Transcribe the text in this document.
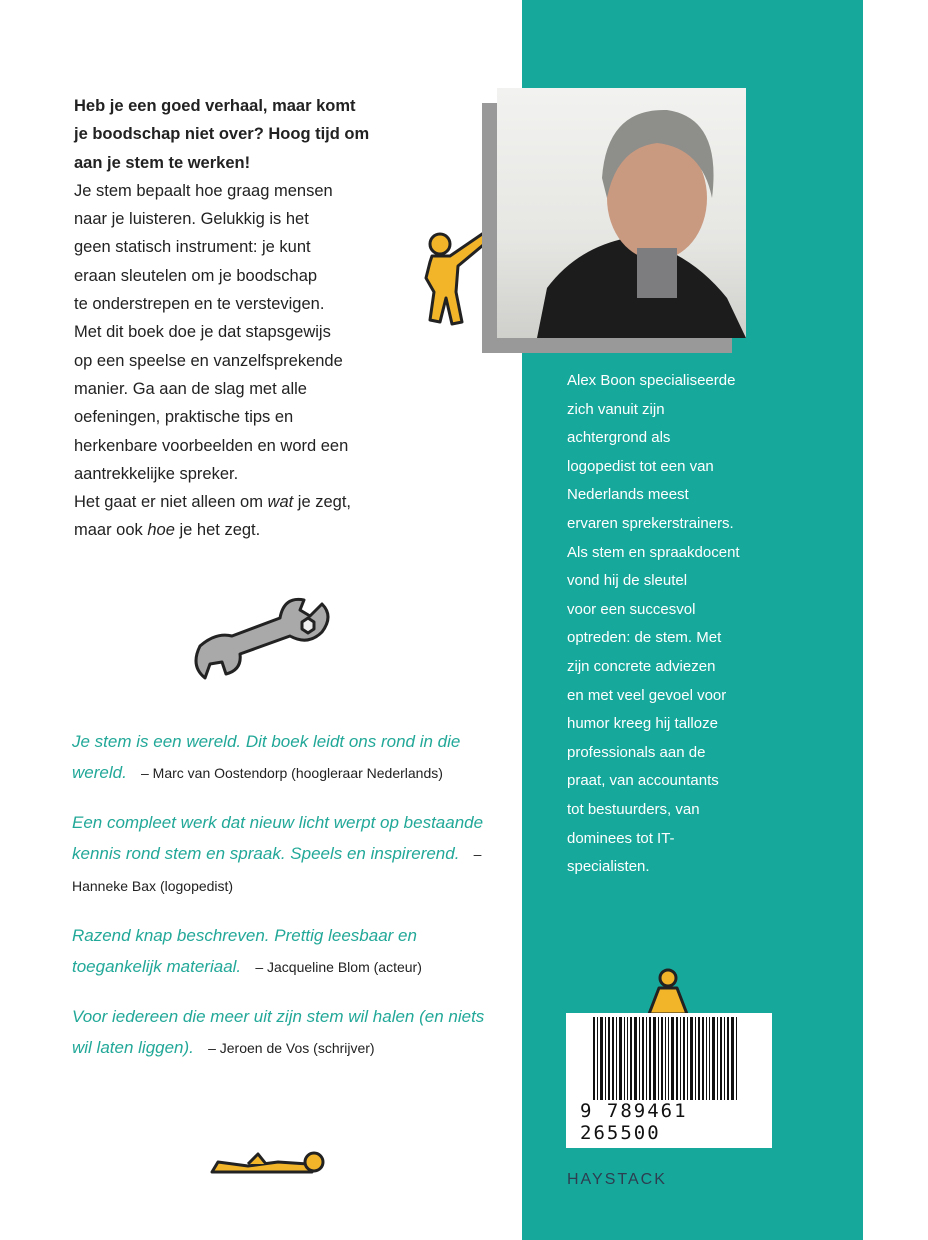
Heb je een goed verhaal, maar komt
je boodschap niet over? Hoog tijd om
aan je stem te werken!
Je stem bepaalt hoe graag mensen
naar je luisteren. Gelukkig is het
geen statisch instrument: je kunt
eraan sleutelen om je boodschap
te onderstrepen en te verstevigen.
Met dit boek doe je dat stapsgewijs
op een speelse en vanzelfsprekende
manier. Ga aan de slag met alle
oefeningen, praktische tips en
herkenbare voorbeelden en word een
aantrekkelijke spreker.
Het gaat er niet alleen om wat je zegt,
maar ook hoe je het zegt.
Alex Boon specialiseerde
zich vanuit zijn
achtergrond als
logopedist tot een van
Nederlands meest
ervaren sprekerstrainers.
Als stem en spraakdocent
vond hij de sleutel
voor een succesvol
optreden: de stem. Met
zijn concrete adviezen
en met veel gevoel voor
humor kreeg hij talloze
professionals aan de
praat, van accountants
tot bestuurders, van
dominees tot IT-
specialisten.
Je stem is een wereld. Dit boek leidt ons rond in die wereld. – Marc van Oostendorp (hoogleraar Nederlands)
Een compleet werk dat nieuw licht werpt op bestaande kennis rond stem en spraak. Speels en inspirerend. – Hanneke Bax (logopedist)
Razend knap beschreven. Prettig leesbaar en toegankelijk materiaal. – Jacqueline Blom (acteur)
Voor iedereen die meer uit zijn stem wil halen (en niets wil laten liggen). – Jeroen de Vos (schrijver)
9 789461 265500
HAYSTACK
